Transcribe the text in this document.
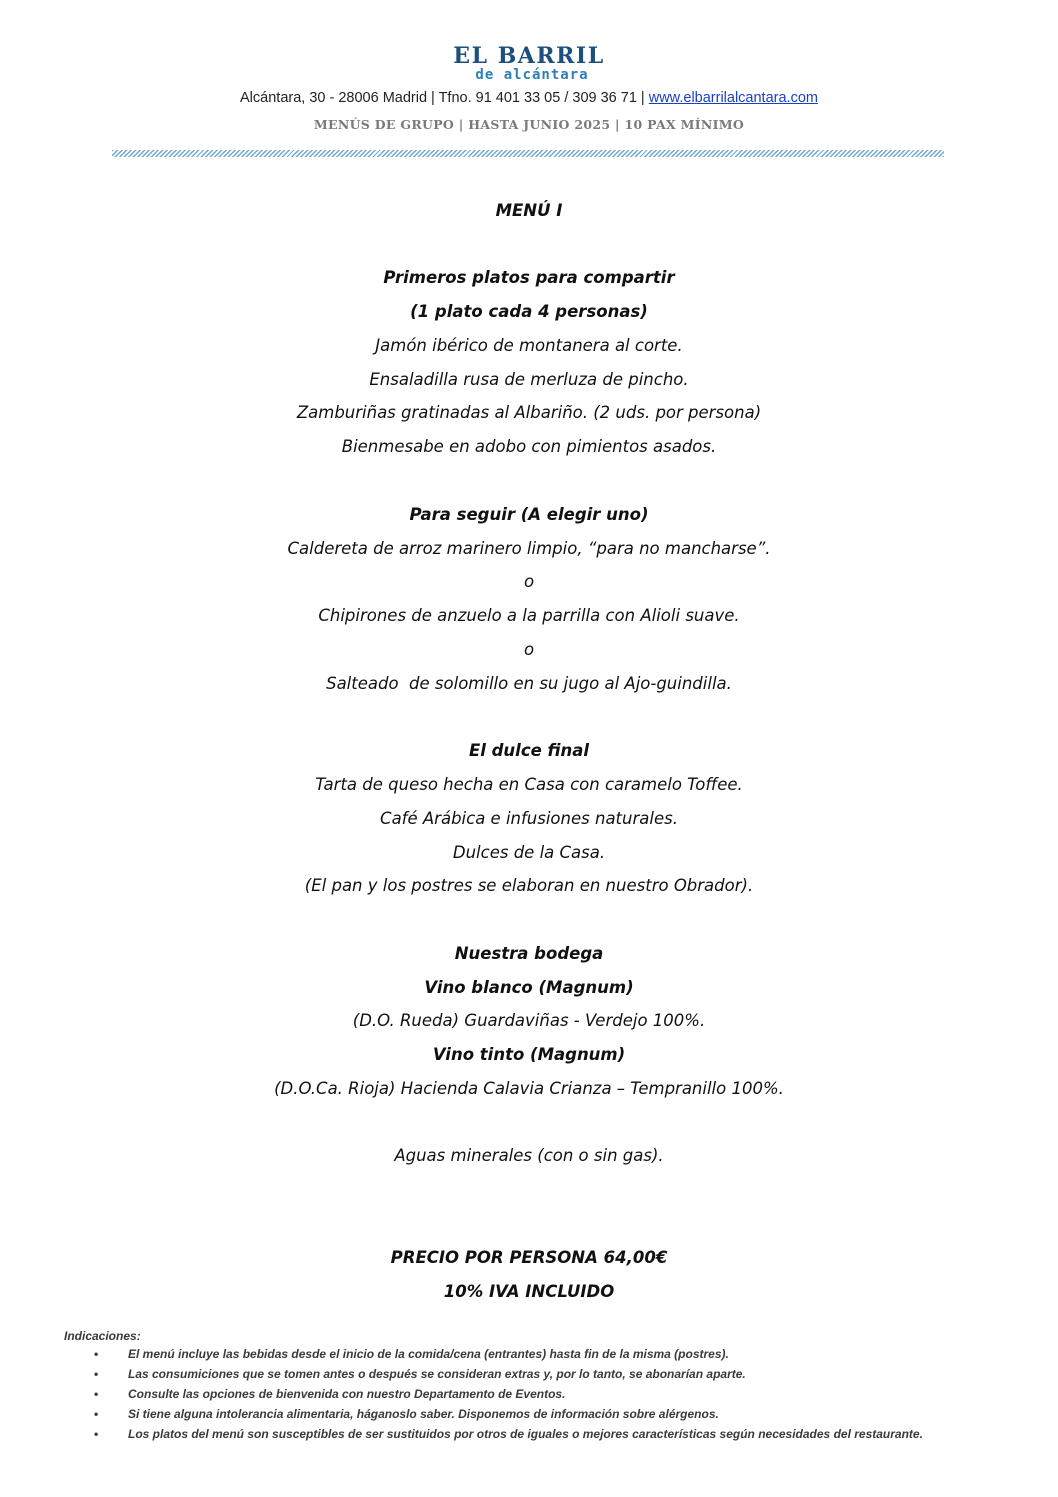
EL BARRIL
de alcántara
Alcántara, 30 - 28006 Madrid | Tfno. 91 401 33 05 / 309 36 71 | www.elbarrilalcantara.com
MENÚS DE GRUPO | HASTA JUNIO 2025 | 10 PAX MÍNIMO
MENÚ I
Primeros platos para compartir
(1 plato cada 4 personas)
Jamón ibérico de montanera al corte.
Ensaladilla rusa de merluza de pincho.
Zamburiñas gratinadas al Albariño. (2 uds. por persona)
Bienmesabe en adobo con pimientos asados.
Para seguir (A elegir uno)
Caldereta de arroz marinero limpio, “para no mancharse”.
o
Chipirones de anzuelo a la parrilla con Alioli suave.
o
Salteado  de solomillo en su jugo al Ajo-guindilla.
El dulce final
Tarta de queso hecha en Casa con caramelo Toffee.
Café Arábica e infusiones naturales.
Dulces de la Casa.
(El pan y los postres se elaboran en nuestro Obrador).
Nuestra bodega
Vino blanco (Magnum)
(D.O. Rueda) Guardaviñas - Verdejo 100%.
Vino tinto (Magnum)
(D.O.Ca. Rioja) Hacienda Calavia Crianza – Tempranillo 100%.
Aguas minerales (con o sin gas).
PRECIO POR PERSONA 64,00€
10% IVA INCLUIDO
Indicaciones:
• El menú incluye las bebidas desde el inicio de la comida/cena (entrantes) hasta fin de la misma (postres).
• Las consumiciones que se tomen antes o después se consideran extras y, por lo tanto, se abonarían aparte.
• Consulte las opciones de bienvenida con nuestro Departamento de Eventos.
• Si tiene alguna intolerancia alimentaria, háganoslo saber. Disponemos de información sobre alérgenos.
• Los platos del menú son susceptibles de ser sustituidos por otros de iguales o mejores características según necesidades del restaurante.
